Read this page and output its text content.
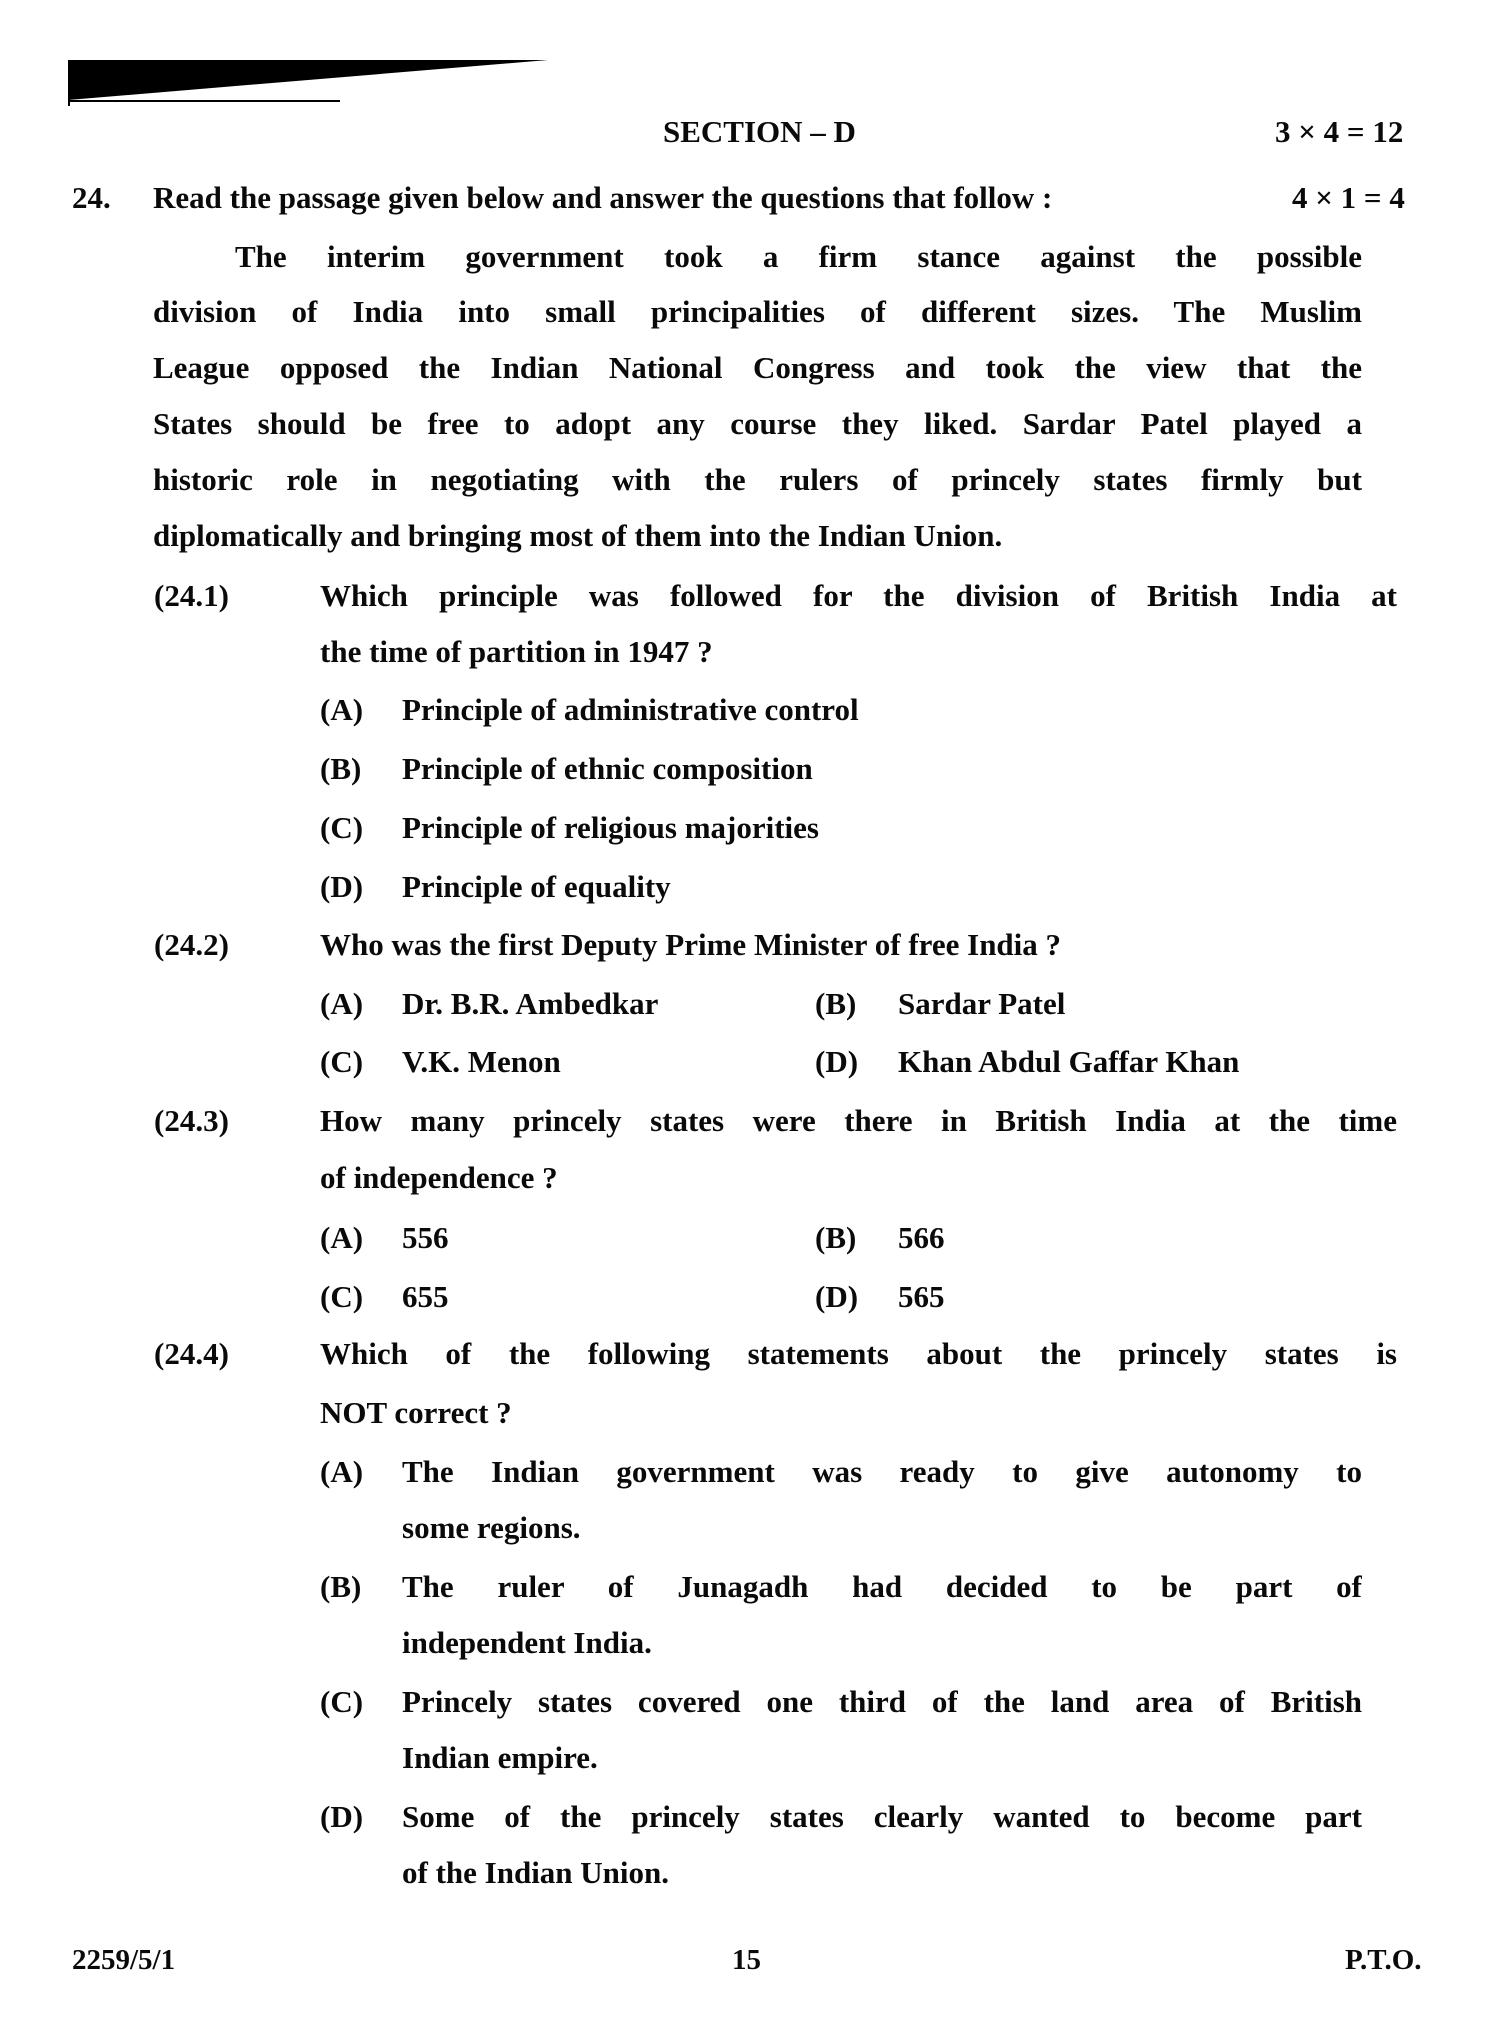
SECTION – D	3 × 4 = 12
24. Read the passage given below and answer the questions that follow :	4 × 1 = 4
The interim government took a firm stance against the possible
division of India into small principalities of different sizes. The Muslim
League opposed the Indian National Congress and took the view that the
States should be free to adopt any course they liked. Sardar Patel played a
historic role in negotiating with the rulers of princely states firmly but
diplomatically and bringing most of them into the Indian Union.
(24.1)	Which principle was followed for the division of British India at
the time of partition in 1947 ?
(A) Principle of administrative control
(B) Principle of ethnic composition
(C) Principle of religious majorities
(D) Principle of equality
(24.2)	Who was the first Deputy Prime Minister of free India ?
(A) Dr. B.R. Ambedkar	(B) Sardar Patel
(C) V.K. Menon	(D) Khan Abdul Gaffar Khan
(24.3)	How many princely states were there in British India at the time
of independence ?
(A) 556	(B) 566
(C) 655	(D) 565
(24.4)	Which of the following statements about the princely states is
NOT correct ?
(A) The Indian government was ready to give autonomy to
some regions.
(B) The ruler of Junagadh had decided to be part of
independent India.
(C) Princely states covered one third of the land area of British
Indian empire.
(D) Some of the princely states clearly wanted to become part
of the Indian Union.
2259/5/1	15	P.T.O.
